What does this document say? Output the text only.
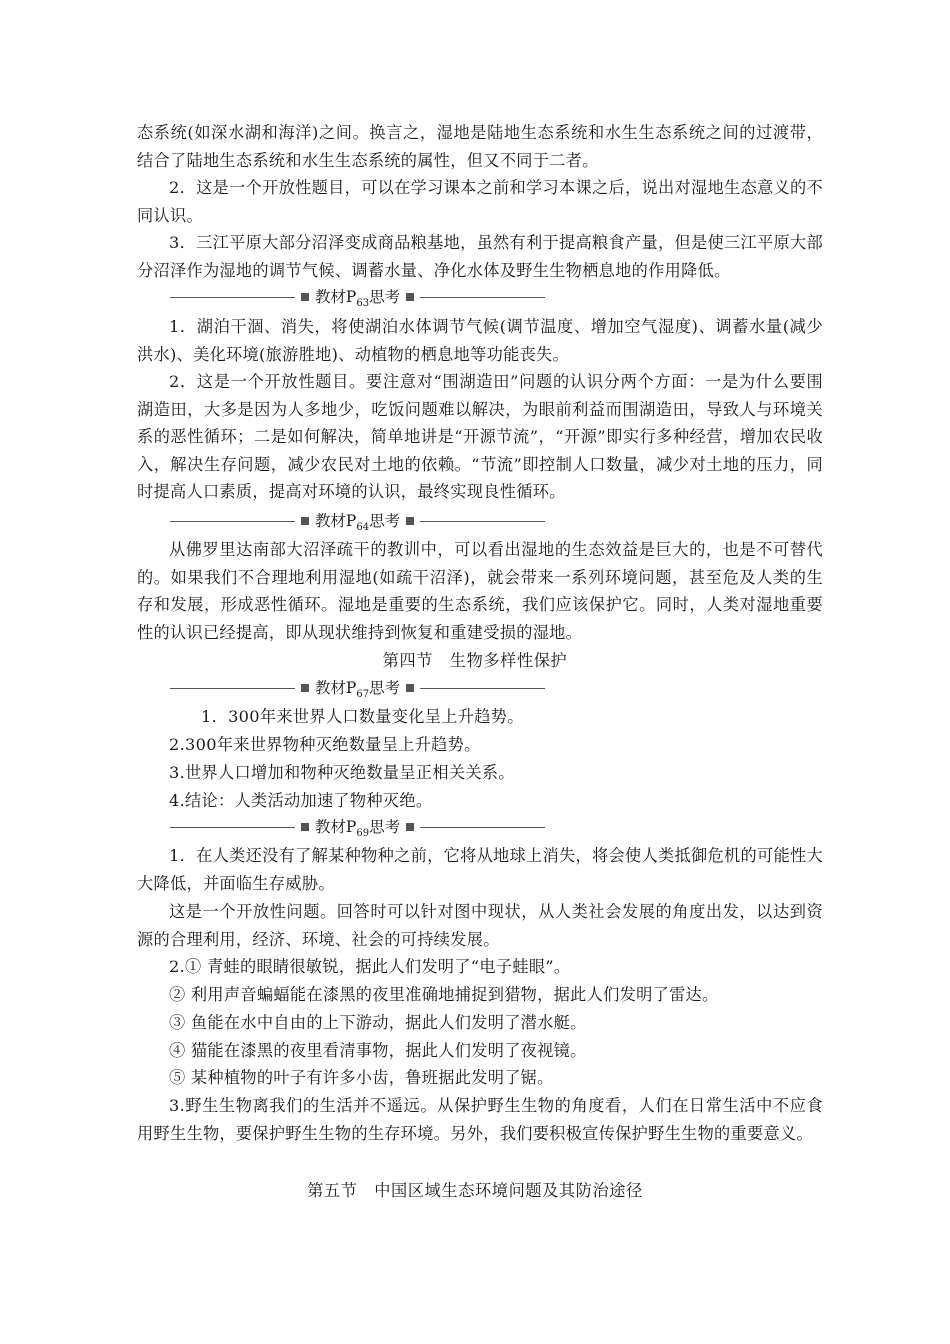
态系统(如深水湖和海洋)之间。换言之，湿地是陆地生态系统和水生生态系统之间的过渡带，结合了陆地生态系统和水生生态系统的属性，但又不同于二者。

2．这是一个开放性题目，可以在学习课本之前和学习本课之后，说出对湿地生态意义的不同认识。

3．三江平原大部分沼泽变成商品粮基地，虽然有利于提高粮食产量，但是使三江平原大部分沼泽作为湿地的调节气候、调蓄水量、净化水体及野生生物栖息地的作用降低。

教材$P_{63}$思考

1．湖泊干涸、消失，将使湖泊水体调节气候(调节温度、增加空气湿度)、调蓄水量(减少洪水)、美化环境(旅游胜地)、动植物的栖息地等功能丧失。

2．这是一个开放性题目。要注意对“围湖造田”问题的认识分两个方面：一是为什么要围湖造田，大多是因为人多地少，吃饭问题难以解决，为眼前利益而围湖造田，导致人与环境关系的恶性循环；二是如何解决，简单地讲是“开源节流”，“开源”即实行多种经营，增加农民收入，解决生存问题，减少农民对土地的依赖。“节流”即控制人口数量，减少对土地的压力，同时提高人口素质，提高对环境的认识，最终实现良性循环。

教材$P_{64}$思考

从佛罗里达南部大沼泽疏干的教训中，可以看出湿地的生态效益是巨大的，也是不可替代的。如果我们不合理地利用湿地(如疏干沼泽)，就会带来一系列环境问题，甚至危及人类的生存和发展，形成恶性循环。湿地是重要的生态系统，我们应该保护它。同时，人类对湿地重要性的认识已经提高，即从现状维持到恢复和重建受损的湿地。

第四节　生物多样性保护
教材$P_{67}$思考
1．300年来世界人口数量变化呈上升趋势。
2.300年来世界物种灭绝数量呈上升趋势。
3.世界人口增加和物种灭绝数量呈正相关关系。
4.结论：人类活动加速了物种灭绝。
教材$P_{69}$思考

1．在人类还没有了解某种物种之前，它将从地球上消失，将会使人类抵御危机的可能性大大降低，并面临生存威胁。

这是一个开放性问题。回答时可以针对图中现状，从人类社会发展的角度出发，以达到资源的合理利用，经济、环境、社会的可持续发展。

2.① 青蛙的眼睛很敏锐，据此人们发明了“电子蛙眼”。
② 利用声音蝙蝠能在漆黑的夜里准确地捕捉到猎物，据此人们发明了雷达。
③ 鱼能在水中自由的上下游动，据此人们发明了潜水艇。
④ 猫能在漆黑的夜里看清事物，据此人们发明了夜视镜。
⑤ 某种植物的叶子有许多小齿，鲁班据此发明了锯。

3.野生生物离我们的生活并不遥远。从保护野生生物的角度看，人们在日常生活中不应食用野生生物，要保护野生生物的生存环境。另外，我们要积极宣传保护野生生物的重要意义。

第五节　中国区域生态环境问题及其防治途径
